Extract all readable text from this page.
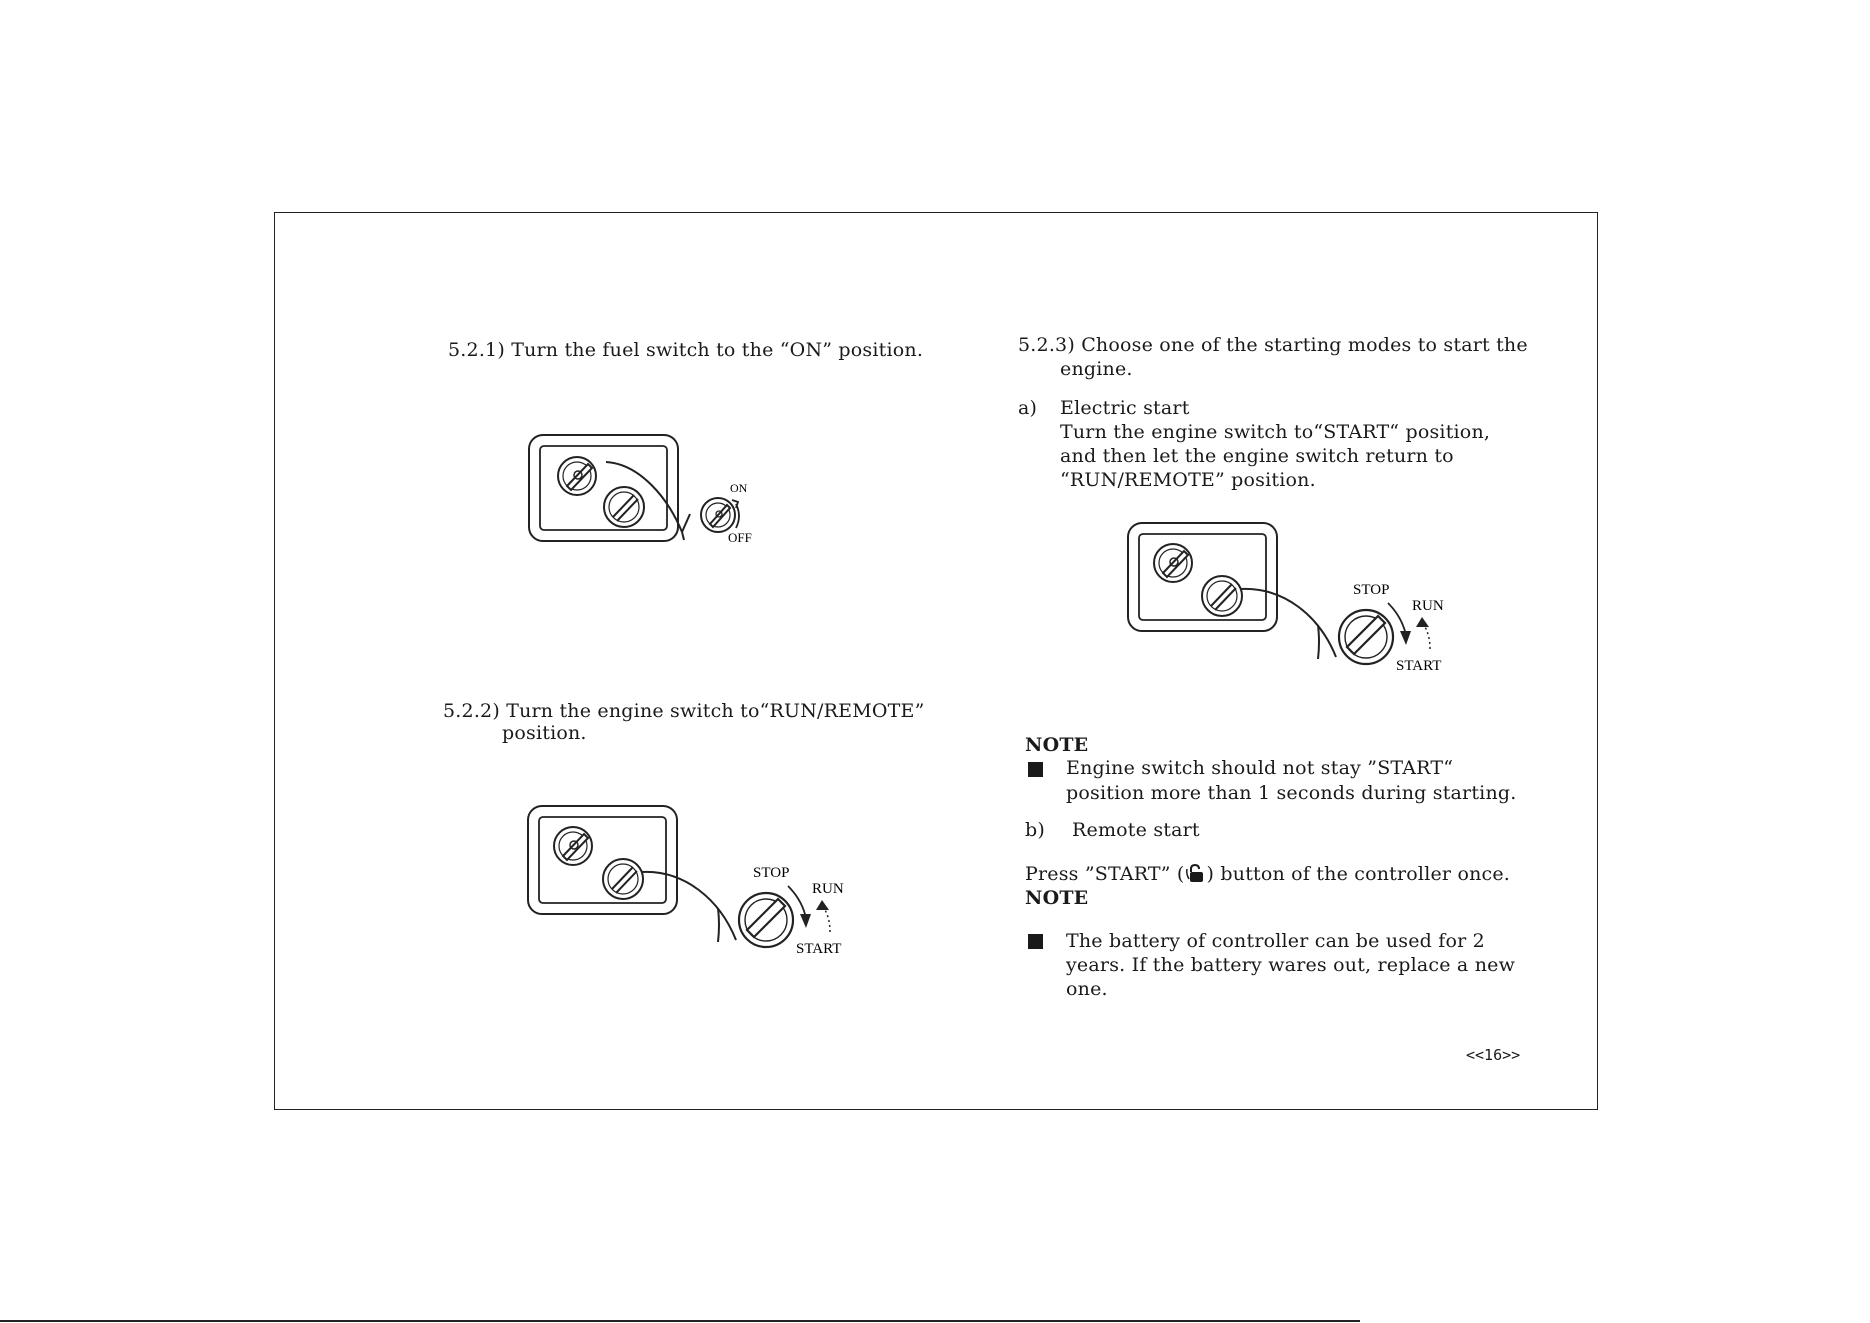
5.2.1) Turn the fuel switch to the “ON” position.
ON
OFF
5.2.2) Turn the engine switch to“RUN/REMOTE”
position.
STOP
RUN
START
5.2.3) Choose one of the starting modes to start the
engine.
a) Electric start
Turn the engine switch to“START“ position,
and then let the engine switch return to
“RUN/REMOTE” position.
STOP
RUN
START
NOTE
Engine switch should not stay ”START“
position more than 1 seconds during starting.
b) Remote start
Press ”START” ( ) button of the controller once.
NOTE
The battery of controller can be used for 2
years. If the battery wares out, replace a new
one.
<<16>>
